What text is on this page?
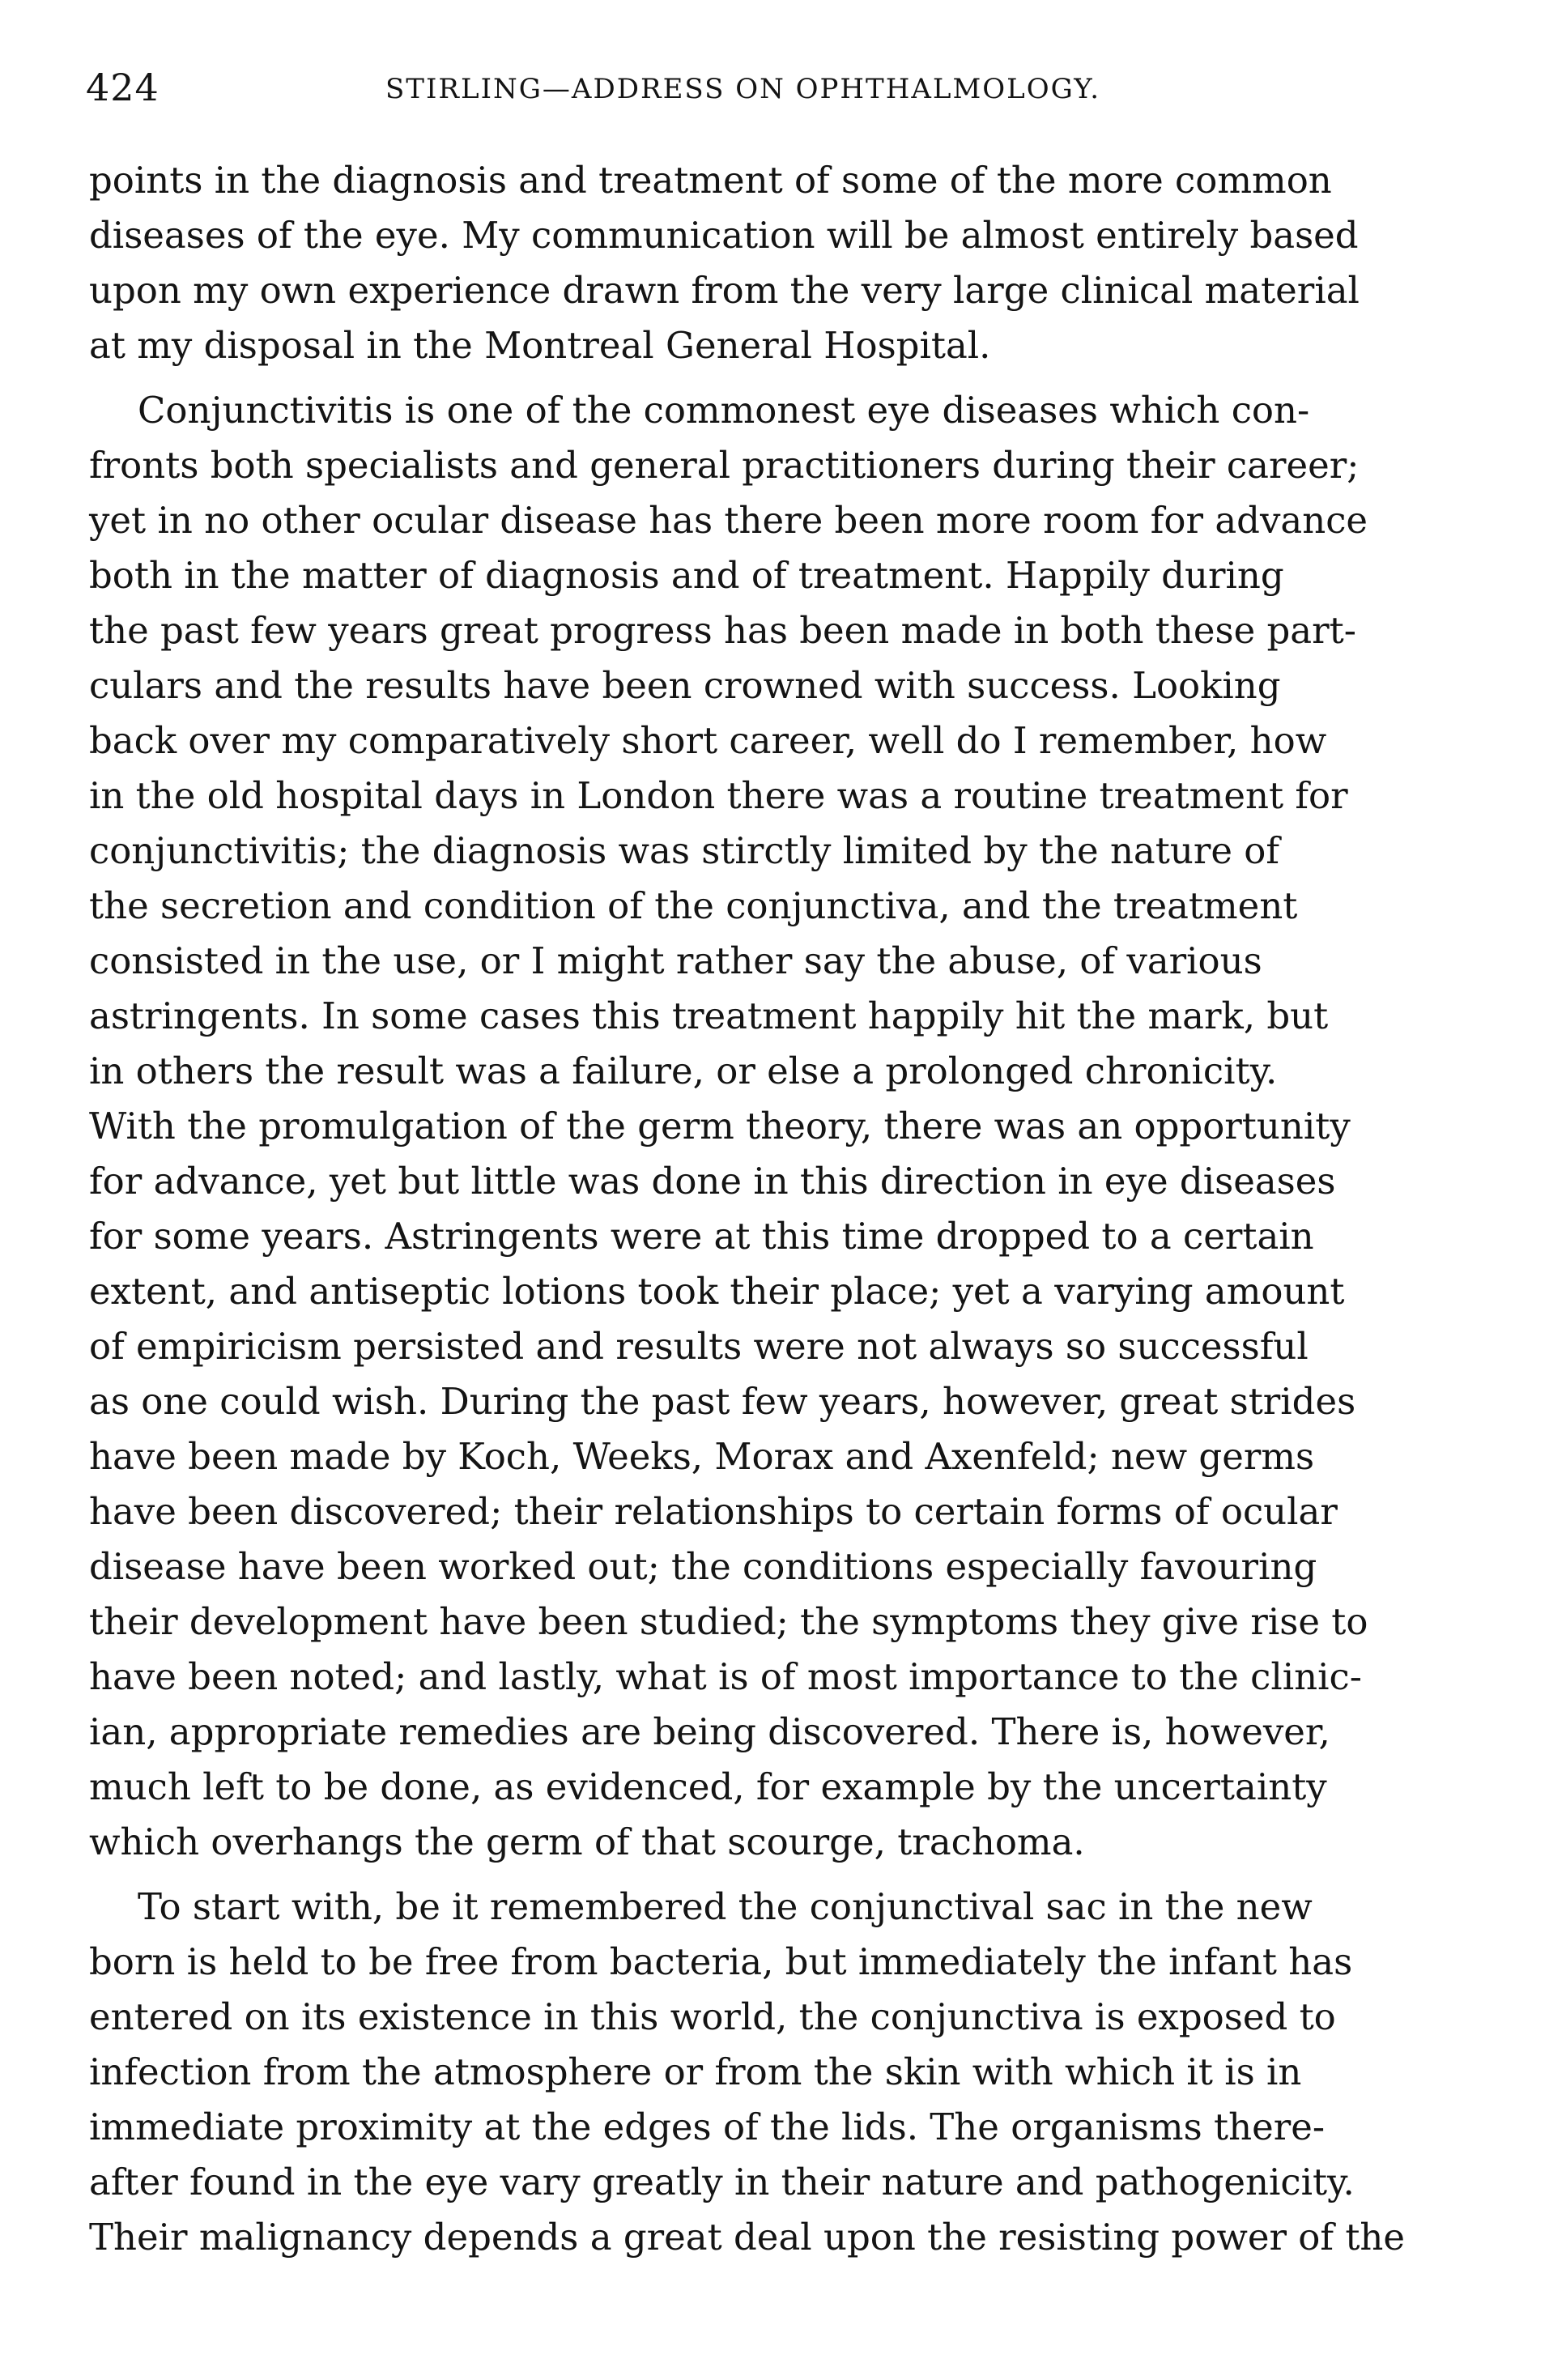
424	STIRLING—ADDRESS ON OPHTHALMOLOGY.
points in the diagnosis and treatment of some of the more common
diseases of the eye. My communication will be almost entirely based
upon my own experience drawn from the very large clinical material
at my disposal in the Montreal General Hospital.
Conjunctivitis is one of the commonest eye diseases which con-
fronts both specialists and general practitioners during their career;
yet in no other ocular disease has there been more room for advance
both in the matter of diagnosis and of treatment. Happily during
the past few years great progress has been made in both these part-
culars and the results have been crowned with success. Looking
back over my comparatively short career, well do I remember, how
in the old hospital days in London there was a routine treatment for
conjunctivitis; the diagnosis was stirctly limited by the nature of
the secretion and condition of the conjunctiva, and the treatment
consisted in the use, or I might rather say the abuse, of various
astringents. In some cases this treatment happily hit the mark, but
in others the result was a failure, or else a prolonged chronicity.
With the promulgation of the germ theory, there was an opportunity
for advance, yet but little was done in this direction in eye diseases
for some years. Astringents were at this time dropped to a certain
extent, and antiseptic lotions took their place; yet a varying amount
of empiricism persisted and results were not always so successful
as one could wish. During the past few years, however, great strides
have been made by Koch, Weeks, Morax and Axenfeld; new germs
have been discovered; their relationships to certain forms of ocular
disease have been worked out; the conditions especially favouring
their development have been studied; the symptoms they give rise to
have been noted; and lastly, what is of most importance to the clinic-
ian, appropriate remedies are being discovered. There is, however,
much left to be done, as evidenced, for example by the uncertainty
which overhangs the germ of that scourge, trachoma.
To start with, be it remembered the conjunctival sac in the new
born is held to be free from bacteria, but immediately the infant has
entered on its existence in this world, the conjunctiva is exposed to
infection from the atmosphere or from the skin with which it is in
immediate proximity at the edges of the lids. The organisms there-
after found in the eye vary greatly in their nature and pathogenicity.
Their malignancy depends a great deal upon the resisting power of the
